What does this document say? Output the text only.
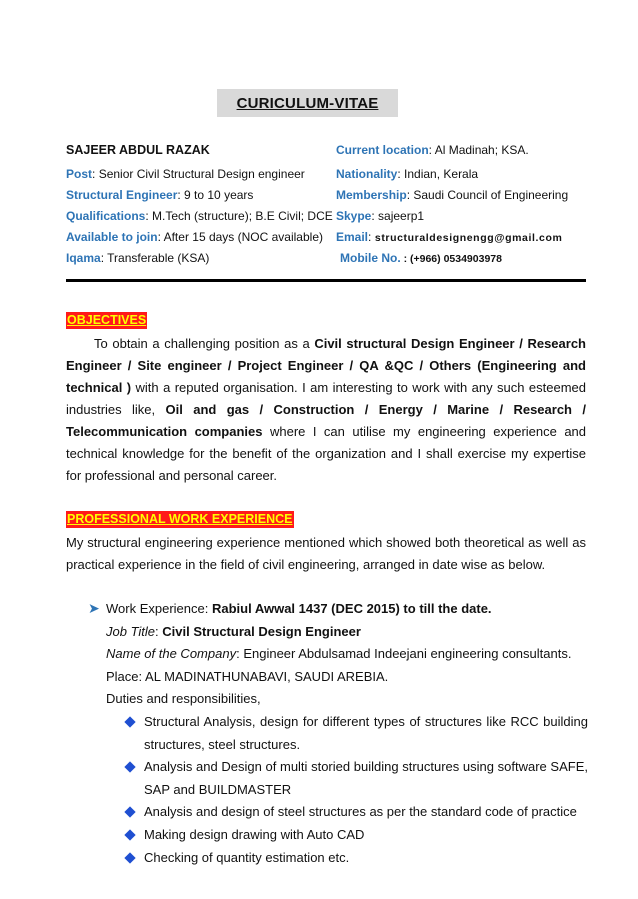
CURICULUM-VITAE
SAJEER ABDUL RAZAK
Post: Senior Civil Structural Design engineer
Structural Engineer: 9 to 10 years
Qualifications: M.Tech (structure); B.E Civil; DCE
Available to join: After 15 days (NOC available)
Iqama: Transferable (KSA)
Current location: Al Madinah; KSA.
Nationality: Indian, Kerala
Membership: Saudi Council of Engineering
Skype: sajeerp1
Email: structuraldesignengg@gmail.com
Mobile No. : (+966) 0534903978
OBJECTIVES
To obtain a challenging position as a Civil structural Design Engineer / Research Engineer / Site engineer / Project Engineer / QA &QC / Others (Engineering and technical ) with a reputed organisation. I am interesting to work with any such esteemed industries like, Oil and gas / Construction / Energy / Marine / Research / Telecommunication companies where I can utilise my engineering experience and technical knowledge for the benefit of the organization and I shall exercise my expertise for professional and personal career.
PROFESSIONAL WORK EXPERIENCE
My structural engineering experience mentioned which showed both theoretical as well as practical experience in the field of civil engineering, arranged in date wise as below.
➤ Work Experience: Rabiul Awwal 1437 (DEC 2015) to till the date.
Job Title: Civil Structural Design Engineer
Name of the Company: Engineer Abdulsamad Indeejani engineering consultants.
Place: AL MADINATHUNABAVI, SAUDI AREBIA.
Duties and responsibilities,
Structural Analysis, design for different types of structures like RCC building structures, steel structures.
Analysis and Design of multi storied building structures using software SAFE, SAP and BUILDMASTER
Analysis and design of steel structures as per the standard code of practice
Making design drawing with Auto CAD
Checking of quantity estimation etc.
